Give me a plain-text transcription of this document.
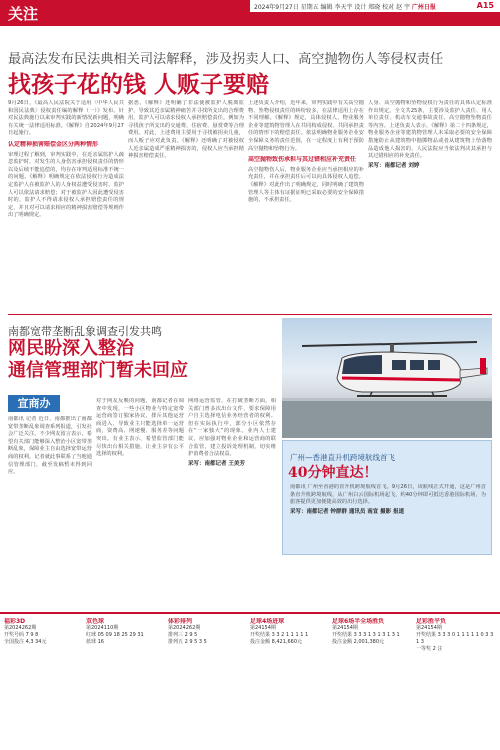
关注	2024年9月27日 星期五 编辑 李天宇 设计 郑晓 校对 赵 宇 广州日报	A15
最高法发布民法典相关司法解释，涉及拐卖人口、高空抛物伤人等侵权责任
找孩子花的钱 人贩子要赔
9月26日，《最高人民法院关于适用〈中华人民共和国民法典〉侵权责任编的解释（一）》发布。针对民法典施行以来审判实践的新情况新问题，明确有关统一法律适用标准。《解释》自2024年9月27日起施行。
认定精神损害赔偿金区分两种情形
审理过程了解到，审判实践中，在近亲属监护人疏忽监护时，对发生的人身伤害承担侵权责任的情形以及后续不能追偿的，均存在审判适用标准不统一的问题。《解释》明确规定在依法侵权行为造成法定监护人在被监护人的人身权益遭受侵害时，监护人可以依法请求赔偿；对于被监护人因此遭受侵害时的，监护人不得请求侵权人承担赔偿责任的规定，并且对可以请求相应的精神损害赔偿等规则作出了明确规定。
据悉，《解释》还明确了非法使被监护人脱离监护，导致其近亲属精神痛苦并寻找所支出的合理费用，监护人可以请求侵权人承担赔偿责任。例如为寻找孩子所支出的交通费、住宿费、悬赏费等合理费用。对此，上述费用主要用于寻找被拐卖儿童，而人贩子应对此负责。《解释》还明确了对被侵权人近亲属造成严重精神损害的，侵权人应当承担精神损害赔偿责任。
上述负责人介绍，近年来，审判实践中有关高空抛物、坠物侵权责任的纠纷较多，在法律适用上存在不同理解。《解释》规定，具体侵权人、物业服务企业等建筑物管理人在共同构成侵权、共同承担责任的情形下的赔偿责任。依法明确物业服务企业安全保障义务的责任范围，在一定程度上有利于预防高空抛物和坠物行为。
高空抛物致伤承担与其过错相应补充责任
高空抛物伤人后，物业服务企业应当承担相应的补充责任，并在承担责任后可以向具体侵权人追偿。《解释》对此作出了明确规定，同时明确了建筑物管理人等主体有证据证明已采取必要的安全保障措施的，不承担责任。
人身、高空抛物和坠物侵权行为责任的具体认定标准作出规定。全文共25条，主要涉及监护人责任、用人单位责任、机动车交通事故责任、高空抛物坠物责任等内容。上述负责人表示，《解释》第二十四条规定，物业服务企业等建筑物管理人未采取必要的安全保障措施防止从建筑物中抛掷物品或者从建筑物上坠落物品造成他人损害的，人民法院应当依法判决其承担与其过错相应的补充责任。
采写：南都记者 刘婷
南都宽带垄断乱象调查引发共鸣
网民盼深入整治
通信管理部门暂未回应
宣商办
南都讯 记者 近日，南都推出了南都宽带垄断乱象调查系列报道，引发社会广泛关注。不少网友留言表示，希望有关部门能够深入整治小区宽带垄断乱象，保障业主自由选择宽带运营商的权利。记者就此事联系了当地通信管理部门，截至发稿暂未得到回应。
对于网友反映的问题，南都记者在调查中发现，一些小区物业与特定宽带运营商签订独家协议，排斥其他运营商进入，导致业主只能选择单一运营商，资费高、网速慢、服务差等问题突出。有业主表示，希望监管部门能尽快出台相关措施，让业主享有公平选择的权利。
网络运营监管，在打破垄断方面，相关部门曾多次出台文件，要求保障用户自主选择电信业务经营者的权利。但在实际执行中，部分小区依然存在“一家独大”的现象。业内人士建议，应加强对物业企业和运营商的联合监管，建立投诉处理机制，切实维护消费者合法权益。
采写：南都记者 王美芳
广州—香港直升机跨境航线首飞
40分钟直达！
南都讯 广州至香港的直升机跨境航线首飞。9月26日，该航线正式开通，这是广州首条直升机跨境航线，从广州白云国际机场起飞，约40分钟即可抵达香港国际机场，为旅客提供更加便捷高效的出行选择。
采写：南都记者 钟群群 通讯员 南宣 摄影 报道
福彩3D
第2024262期
开奖号码 7 9 8
全国投注 4,3 34元
双色球
第2024110期
红球 05 09 18 25 29 31
蓝球 16
体彩排列
第2024262期
排列三 2 9 5
排列五 2 9 5 3 5
足球4场进球
第24154期
开奖结果 3 3 2 1 1 1 1 1
投注金额 8,421,660元
足球6场半全场胜负
第24154期
开奖结果 3 3 3 1 3 1 3 1 3 1
投注金额 2,001,380元
足彩胜平负
第24154期
开奖结果 3 3 3 0 1 1 1 1 1 0 3 3 1 3
一等奖 2 注
